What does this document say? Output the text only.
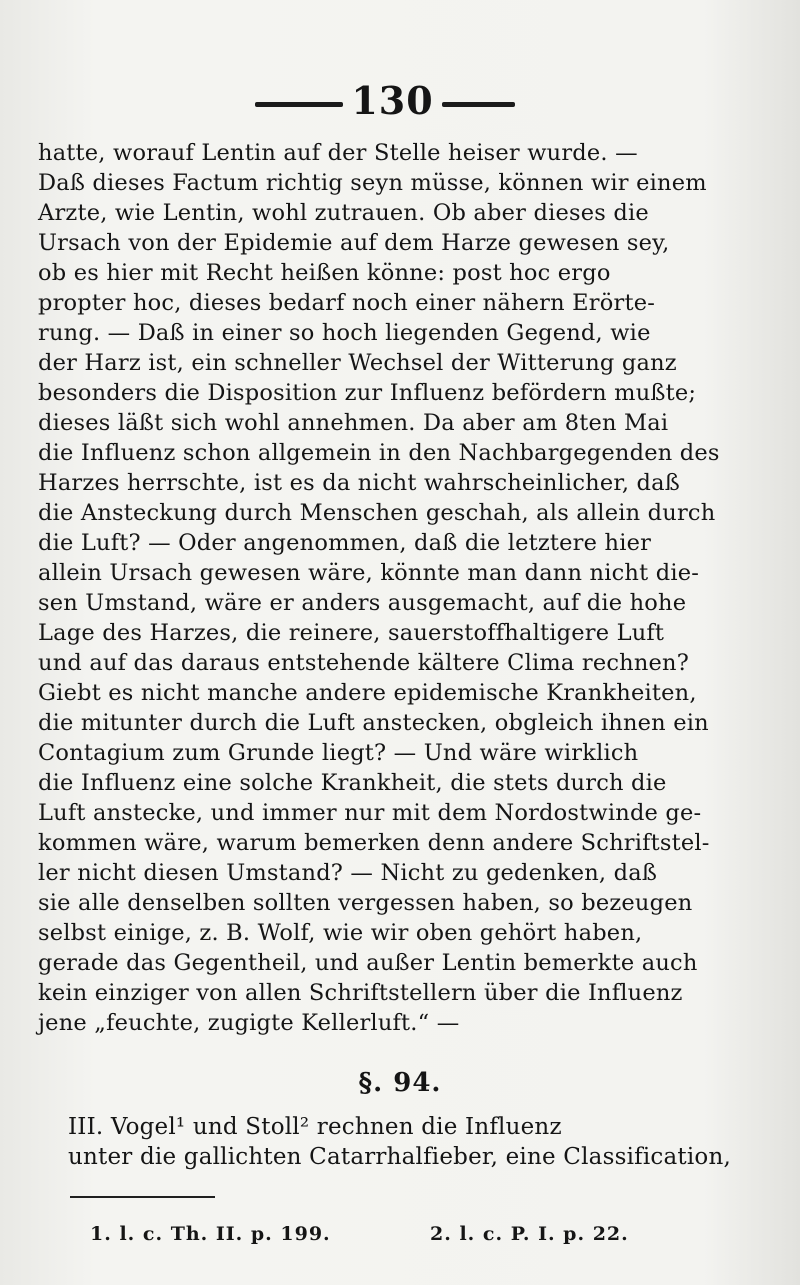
130
hatte, worauf Lentin auf der Stelle heiser wurde. —
Daß dieses Factum richtig seyn müsse, können wir einem
Arzte, wie Lentin, wohl zutrauen. Ob aber dieses die
Ursach von der Epidemie auf dem Harze gewesen sey,
ob es hier mit Recht heißen könne: post hoc ergo
propter hoc, dieses bedarf noch einer nähern Erörte-
rung. — Daß in einer so hoch liegenden Gegend, wie
der Harz ist, ein schneller Wechsel der Witterung ganz
besonders die Disposition zur Influenz befördern mußte;
dieses läßt sich wohl annehmen. Da aber am 8ten Mai
die Influenz schon allgemein in den Nachbargegenden des
Harzes herrschte, ist es da nicht wahrscheinlicher, daß
die Ansteckung durch Menschen geschah, als allein durch
die Luft? — Oder angenommen, daß die letztere hier
allein Ursach gewesen wäre, könnte man dann nicht die-
sen Umstand, wäre er anders ausgemacht, auf die hohe
Lage des Harzes, die reinere, sauerstoffhaltigere Luft
und auf das daraus entstehende kältere Clima rechnen?
Giebt es nicht manche andere epidemische Krankheiten,
die mitunter durch die Luft anstecken, obgleich ihnen ein
Contagium zum Grunde liegt? — Und wäre wirklich
die Influenz eine solche Krankheit, die stets durch die
Luft anstecke, und immer nur mit dem Nordostwinde ge-
kommen wäre, warum bemerken denn andere Schriftstel-
ler nicht diesen Umstand? — Nicht zu gedenken, daß
sie alle denselben sollten vergessen haben, so bezeugen
selbst einige, z. B. Wolf, wie wir oben gehört haben,
gerade das Gegentheil, und außer Lentin bemerkte auch
kein einziger von allen Schriftstellern über die Influenz
jene „feuchte, zugigte Kellerluft.“ —
§. 94.
III. Vogel¹ und Stoll² rechnen die Influenz
unter die gallichten Catarrhalfieber, eine Classification,
1. l. c. Th. II. p. 199.	2. l. c. P. I. p. 22.
